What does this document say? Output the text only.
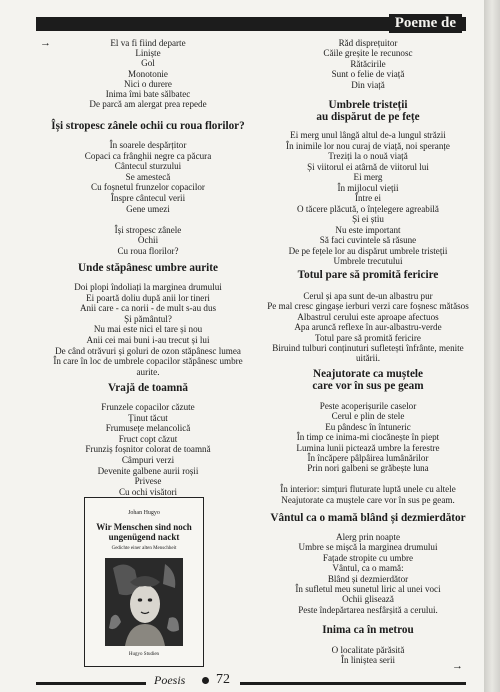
Poeme de
→	El va fi fiind departe
Liniște
Gol
Monotonie
Nici o durere
Inima îmi bate sălbatec
De parcă am alergat prea repede
Își stropesc zânele ochii cu roua florilor?
În soarele despărțitor
Copaci ca frânghii negre ca păcura
Cântecul sturzului
Se amestecă
Cu foșnetul frunzelor copacilor
Înspre cântecul verii
Gene umezi
Își stropesc zânele
Ochii
Cu roua florilor?
Unde stăpânesc umbre aurite
Doi plopi îndoliați la marginea drumului
Ei poartă doliu după anii lor tineri
Anii care - ca norii - de mult s-au dus
Și pământul?
Nu mai este nici el tare și nou
Anii cei mai buni i-au trecut și lui
De când otrăvuri și goluri de ozon stăpânesc lumea
În care în loc de umbrele copacilor stăpânesc umbre
aurite.
Vrajă de toamnă
Frunzele copacilor căzute
Ținut tăcut
Frumusețe melancolică
Fruct copt căzut
Frunziș foșnitor colorat de toamnă
Câmpuri verzi
Devenite galbene aurii roșii
Privese
Cu ochi visători
Johan Hugyo
Wir Menschen sind noch ungenügend nackt
Gedichte einer alten Menschheit
Hugyo Studien
Rǎd disprețuitor
Căile greșite le recunosc
Rătăcirile
Sunt o felie de viață
Din viață
Umbrele tristeții
au dispărut de pe fețe
Ei merg unul lângă altul de-a lungul străzii
În inimile lor nou curaj de viață, noi speranțe
Treziți la o nouă viață
Și viitorul ei atârnă de viitorul lui
Ei merg
În mijlocul vieții
Între ei
O tăcere plăcută, o înțelegere agreabilă
Și ei știu
Nu este important
Să faci cuvintele să răsune
De pe fețele lor au dispărut umbrele tristeții
Umbrele trecutului
Totul pare să promită fericire
Cerul și apa sunt de-un albastru pur
Pe mal cresc gingașe ierburi verzi care foșnesc mătăsos
Albastrul cerului este aproape afectuos
Apa aruncă reflexe în aur-albastru-verde
Totul pare să promită fericire
Biruind tulburi conținuturi sufletești înfrânte, menite
uitării.
Neajutorate ca muștele
care vor în sus pe geam
Peste acoperișurile caselor
Cerul e plin de stele
Eu pândesc în întuneric
În timp ce inima-mi ciocănește în piept
Lumina lunii pictează umbre la ferestre
În încăpere pâlpâirea lumânărilor
Prin nori galbeni se grăbește luna
În interior: simțuri fluturate luptă unele cu altele
Neajutorate ca muștele care vor în sus pe geam.
Vântul ca o mamă blând și dezmierdător
Alerg prin noapte
Umbre se mișcă la marginea drumului
Fațade stropite cu umbre
Vântul, ca o mamă:
Blând și dezmierdător
În sufletul meu sunetul liric al unei voci
Ochii glisează
Peste îndepărtarea nesfârșită a cerului.
Inima ca în metrou
O localitate părăsită
În liniștea serii	→
Poesis 72
